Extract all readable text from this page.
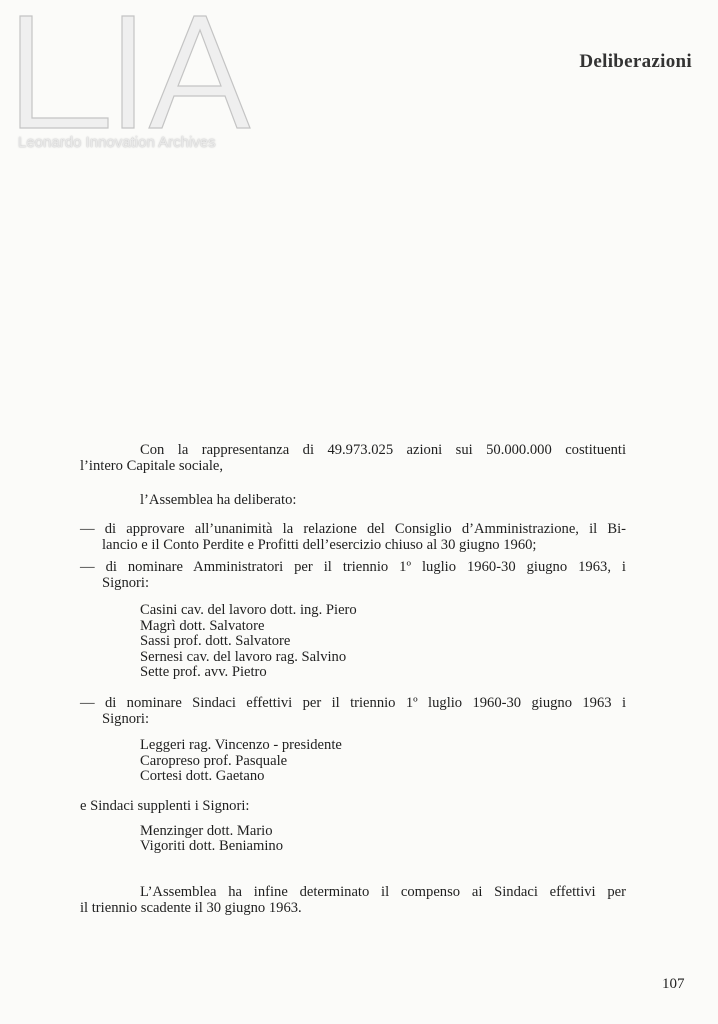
Leonardo Innovation Archives
Deliberazioni
Con la rappresentanza di 49.973.025 azioni sui 50.000.000 costituenti
l’intero Capitale sociale,
l’Assemblea ha deliberato:
— di approvare all’unanimità la relazione del Consiglio d’Amministrazione, il Bi-
lancio e il Conto Perdite e Profitti dell’esercizio chiuso al 30 giugno 1960;
— di nominare Amministratori per il triennio 1º luglio 1960-30 giugno 1963, i
Signori:
Casini cav. del lavoro dott. ing. Piero
Magrì dott. Salvatore
Sassi prof. dott. Salvatore
Sernesi cav. del lavoro rag. Salvino
Sette prof. avv. Pietro
— di nominare Sindaci effettivi per il triennio 1º luglio 1960-30 giugno 1963 i
Signori:
Leggeri rag. Vincenzo - presidente
Caropreso prof. Pasquale
Cortesi dott. Gaetano
e Sindaci supplenti i Signori:
Menzinger dott. Mario
Vigoriti dott. Beniamino
L’Assemblea ha infine determinato il compenso ai Sindaci effettivi per
il triennio scadente il 30 giugno 1963.
107
